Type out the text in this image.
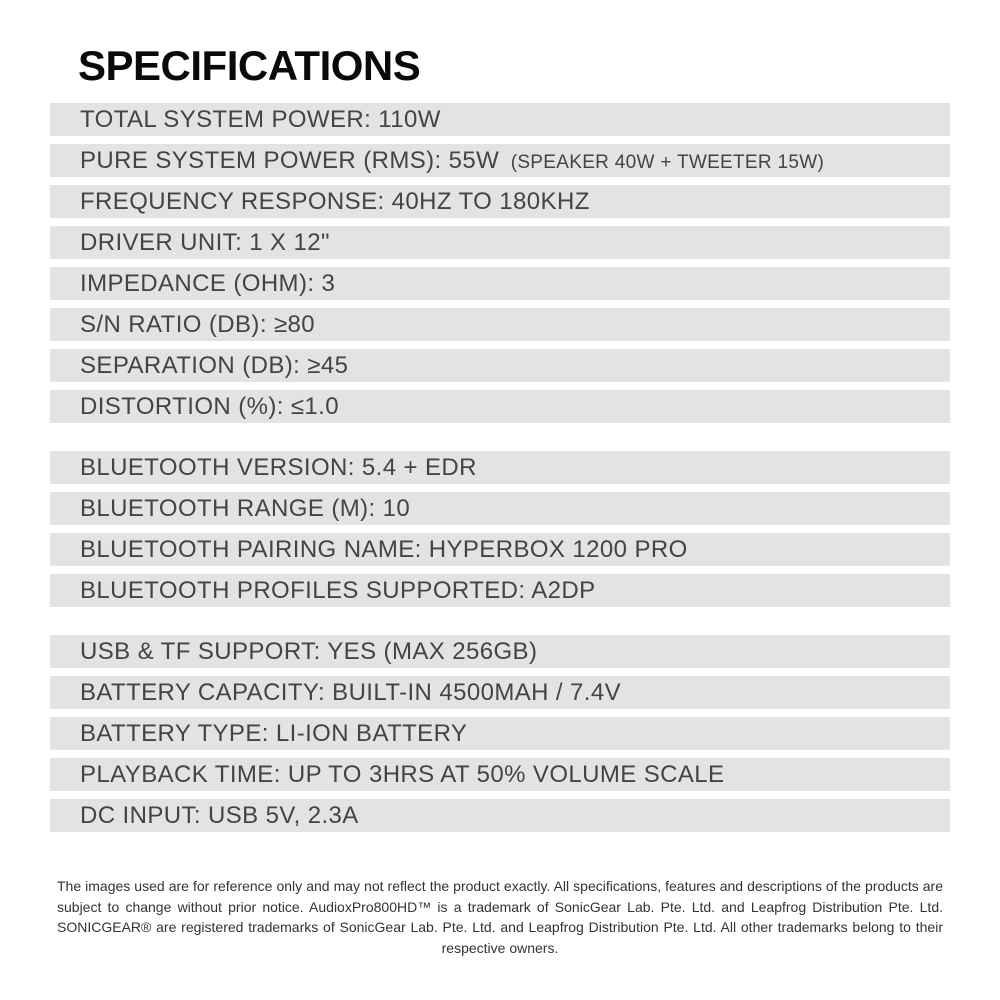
SPECIFICATIONS
TOTAL SYSTEM POWER: 110W
PURE SYSTEM POWER (RMS): 55W (SPEAKER 40W + TWEETER 15W)
FREQUENCY RESPONSE: 40HZ TO 180KHZ
DRIVER UNIT: 1 X 12"
IMPEDANCE (OHM): 3
S/N RATIO (DB): ≥80
SEPARATION (DB): ≥45
DISTORTION (%): ≤1.0
BLUETOOTH VERSION: 5.4 + EDR
BLUETOOTH RANGE (M): 10
BLUETOOTH PAIRING NAME: HYPERBOX 1200 PRO
BLUETOOTH PROFILES SUPPORTED: A2DP
USB & TF SUPPORT: YES (MAX 256GB)
BATTERY CAPACITY: BUILT-IN 4500MAH / 7.4V
BATTERY TYPE: LI-ION BATTERY
PLAYBACK TIME: UP TO 3HRS AT 50% VOLUME SCALE
DC INPUT: USB 5V, 2.3A

The images used are for reference only and may not reflect the product exactly. All specifications, features and descriptions of the products are subject to change without prior notice. AudioxPro800HD™ is a trademark of SonicGear Lab. Pte. Ltd. and Leapfrog Distribution Pte. Ltd. SONICGEAR® are registered trademarks of SonicGear Lab. Pte. Ltd. and Leapfrog Distribution Pte. Ltd. All other trademarks belong to their respective owners.
